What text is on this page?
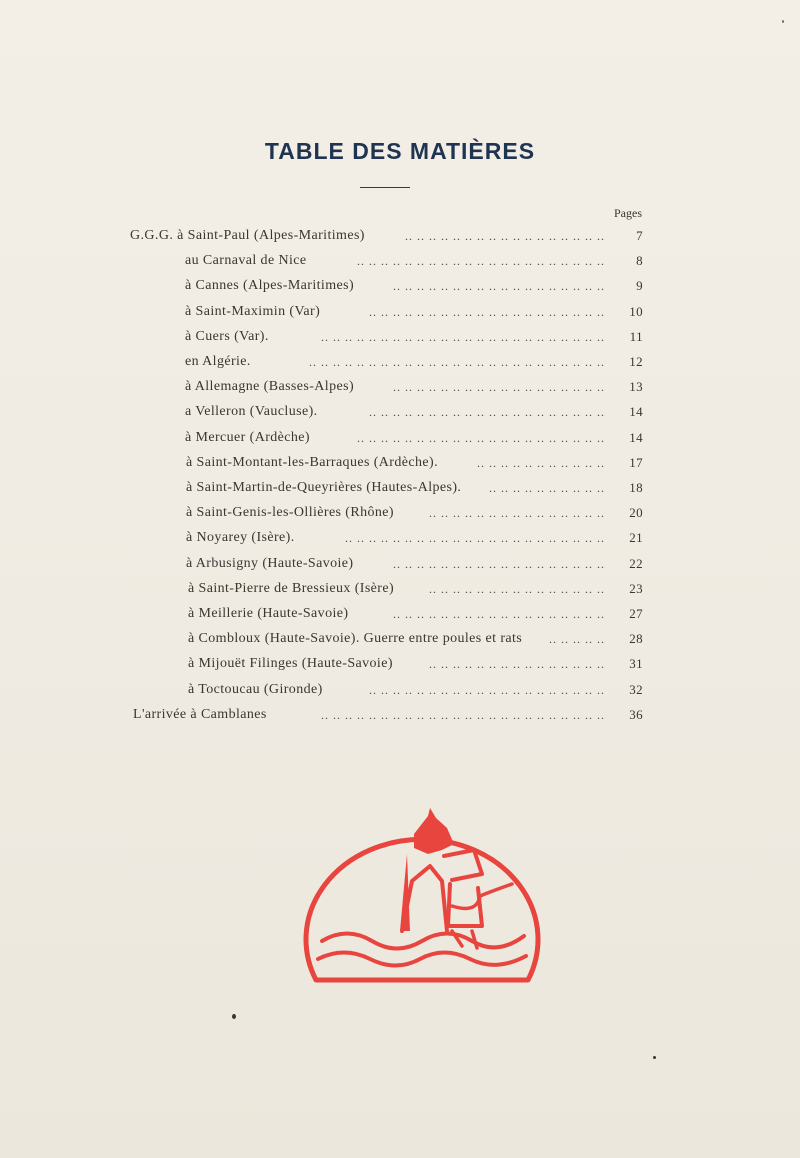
TABLE DES MATIÈRES
Pages
G.G.G. à Saint-Paul (Alpes-Maritimes)	.. .. .. .. .. .. .. .. .. .. .. .. .. .. .. .. ..	7
au Carnaval de Nice	.. .. .. .. .. .. .. .. .. .. .. .. .. .. .. .. .. .. .. .. ..	8
à Cannes (Alpes-Maritimes)	.. .. .. .. .. .. .. .. .. .. .. .. .. .. .. .. .. ..	9
à Saint-Maximin (Var)	.. .. .. .. .. .. .. .. .. .. .. .. .. .. .. .. .. .. .. ..	10
à Cuers (Var).	.. .. .. .. .. .. .. .. .. .. .. .. .. .. .. .. .. .. .. .. .. .. .. ..	11
en Algérie.	.. .. .. .. .. .. .. .. .. .. .. .. .. .. .. .. .. .. .. .. .. .. .. .. ..	12
à Allemagne (Basses-Alpes)	.. .. .. .. .. .. .. .. .. .. .. .. .. .. .. .. .. ..	13
a Velleron (Vaucluse).	.. .. .. .. .. .. .. .. .. .. .. .. .. .. .. .. .. .. .. ..	14
à Mercuer (Ardèche)	.. .. .. .. .. .. .. .. .. .. .. .. .. .. .. .. .. .. .. .. ..	14
à Saint-Montant-les-Barraques (Ardèche).	.. .. .. .. .. .. .. .. .. .. ..	17
à Saint-Martin-de-Queyrières (Hautes-Alpes).	.. .. .. .. .. .. .. .. .. ..	18
à Saint-Genis-les-Ollières (Rhône)	.. .. .. .. .. .. .. .. .. .. .. .. .. .. ..	20
à Noyarey (Isère).	.. .. .. .. .. .. .. .. .. .. .. .. .. .. .. .. .. .. .. .. .. ..	21
à Arbusigny (Haute-Savoie)	.. .. .. .. .. .. .. .. .. .. .. .. .. .. .. .. .. ..	22
à Saint-Pierre de Bressieux (Isère)	.. .. .. .. .. .. .. .. .. .. .. .. .. .. ..	23
à Meillerie (Haute-Savoie)	.. .. .. .. .. .. .. .. .. .. .. .. .. .. .. .. .. ..	27
à Combloux (Haute-Savoie). Guerre entre poules et rats	.. .. .. .. ..	28
à Mijouët Filinges (Haute-Savoie)	.. .. .. .. .. .. .. .. .. .. .. .. .. .. ..	31
à Toctoucau (Gironde)	.. .. .. .. .. .. .. .. .. .. .. .. .. .. .. .. .. .. .. ..	32
L'arrivée à Camblanes	.. .. .. .. .. .. .. .. .. .. .. .. .. .. .. .. .. .. .. .. .. .. .. ..	36
